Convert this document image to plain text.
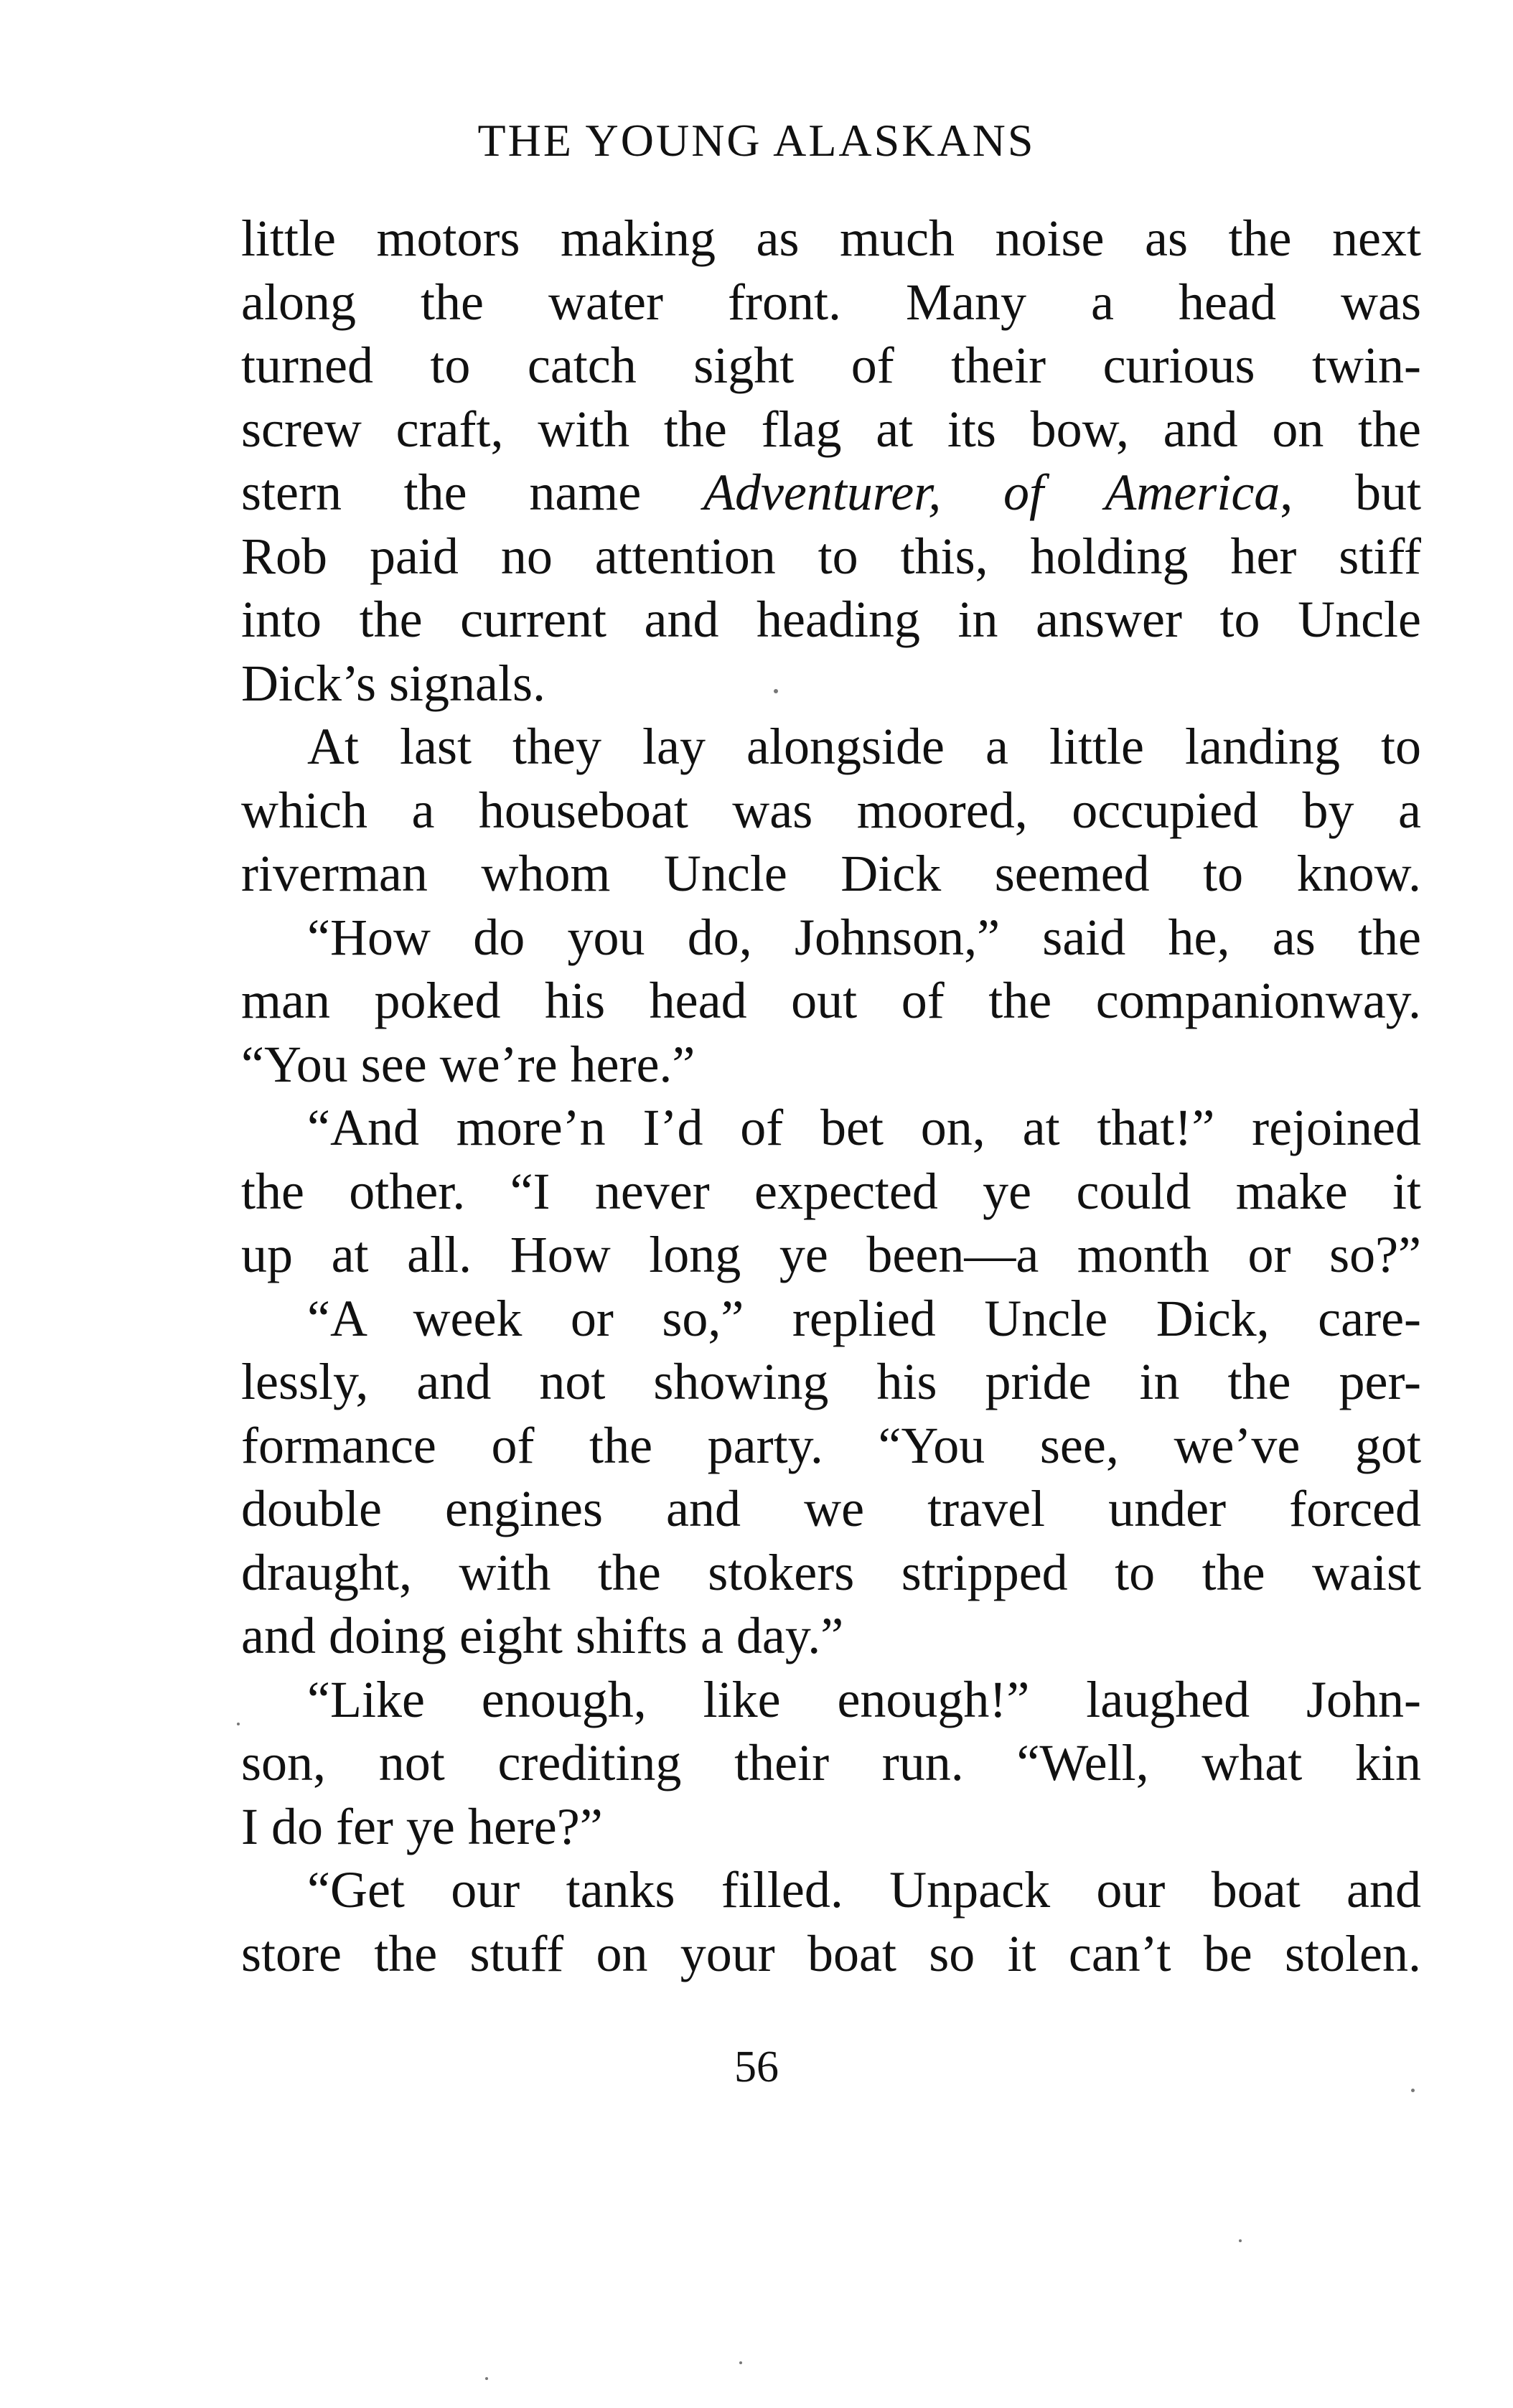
THE YOUNG ALASKANS
little motors making as much noise as the next
along the water front. Many a head was
turned to catch sight of their curious twin-
screw craft, with the flag at its bow, and on the
stern the name Adventurer, of America, but
Rob paid no attention to this, holding her stiff
into the current and heading in answer to Uncle
Dick’s signals.
At last they lay alongside a little landing to
which a houseboat was moored, occupied by a
riverman whom Uncle Dick seemed to know.
“How do you do, Johnson,” said he, as the
man poked his head out of the companionway.
“You see we’re here.”
“And more’n I’d of bet on, at that!” rejoined
the other. “I never expected ye could make it
up at all. How long ye been—a month or so?”
“A week or so,” replied Uncle Dick, care-
lessly, and not showing his pride in the per-
formance of the party. “You see, we’ve got
double engines and we travel under forced
draught, with the stokers stripped to the waist
and doing eight shifts a day.”
“Like enough, like enough!” laughed John-
son, not crediting their run. “Well, what kin
I do fer ye here?”
“Get our tanks filled. Unpack our boat and
store the stuff on your boat so it can’t be stolen.
56
